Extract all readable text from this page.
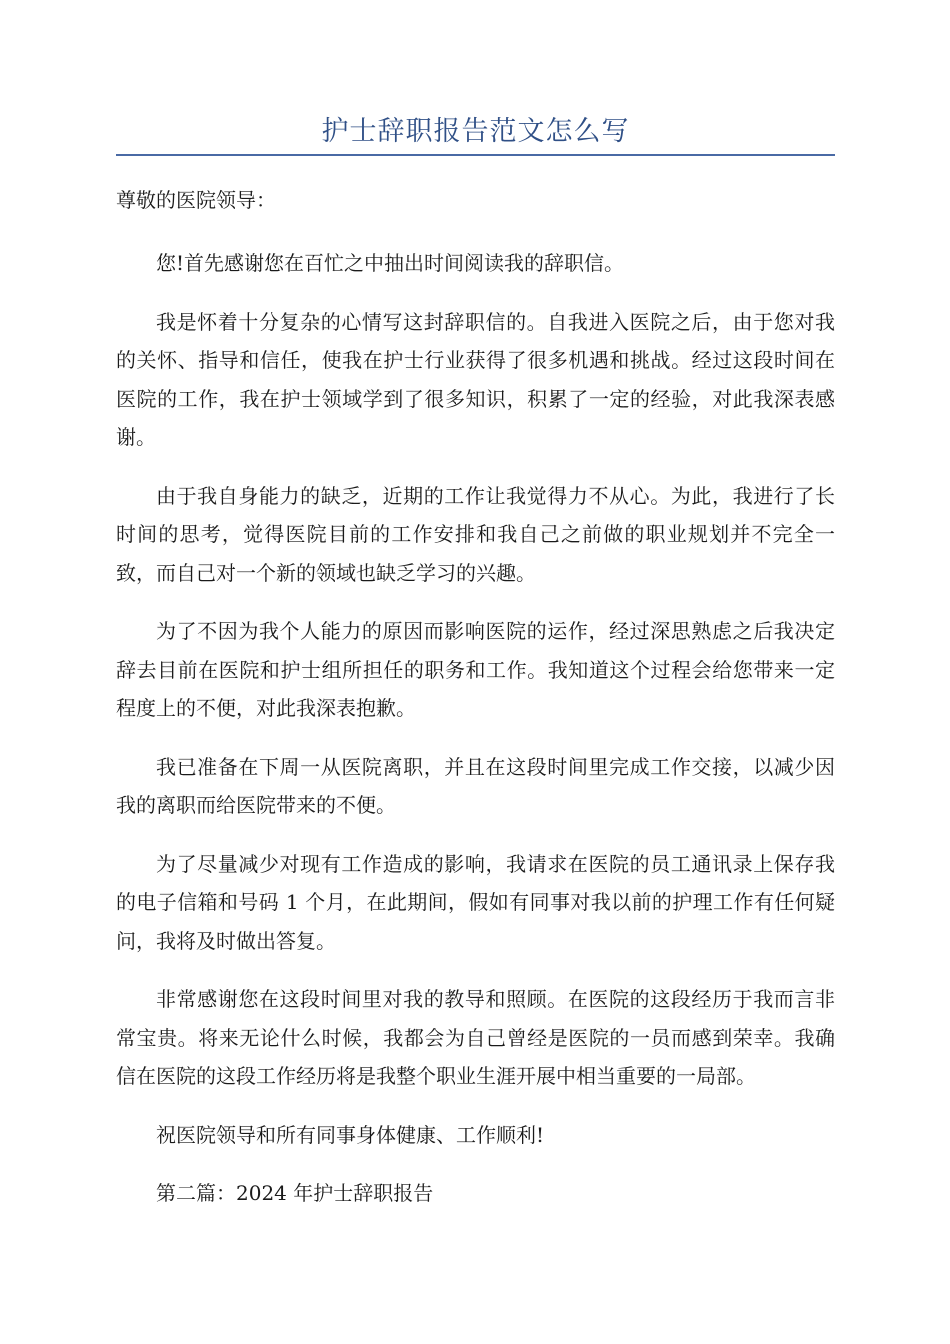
护士辞职报告范文怎么写

尊敬的医院领导：

您!首先感谢您在百忙之中抽出时间阅读我的辞职信。

我是怀着十分复杂的心情写这封辞职信的。自我进入医院之后，由于您对我的关怀、指导和信任，使我在护士行业获得了很多机遇和挑战。经过这段时间在医院的工作，我在护士领域学到了很多知识，积累了一定的经验，对此我深表感谢。

由于我自身能力的缺乏，近期的工作让我觉得力不从心。为此，我进行了长时间的思考，觉得医院目前的工作安排和我自己之前做的职业规划并不完全一致，而自己对一个新的领域也缺乏学习的兴趣。

为了不因为我个人能力的原因而影响医院的运作，经过深思熟虑之后我决定辞去目前在医院和护士组所担任的职务和工作。我知道这个过程会给您带来一定程度上的不便，对此我深表抱歉。

我已准备在下周一从医院离职，并且在这段时间里完成工作交接，以减少因我的离职而给医院带来的不便。

为了尽量减少对现有工作造成的影响，我请求在医院的员工通讯录上保存我的电子信箱和号码 1 个月，在此期间，假如有同事对我以前的护理工作有任何疑问，我将及时做出答复。

非常感谢您在这段时间里对我的教导和照顾。在医院的这段经历于我而言非常宝贵。将来无论什么时候，我都会为自己曾经是医院的一员而感到荣幸。我确信在医院的这段工作经历将是我整个职业生涯开展中相当重要的一局部。

祝医院领导和所有同事身体健康、工作顺利!

第二篇：2024 年护士辞职报告
